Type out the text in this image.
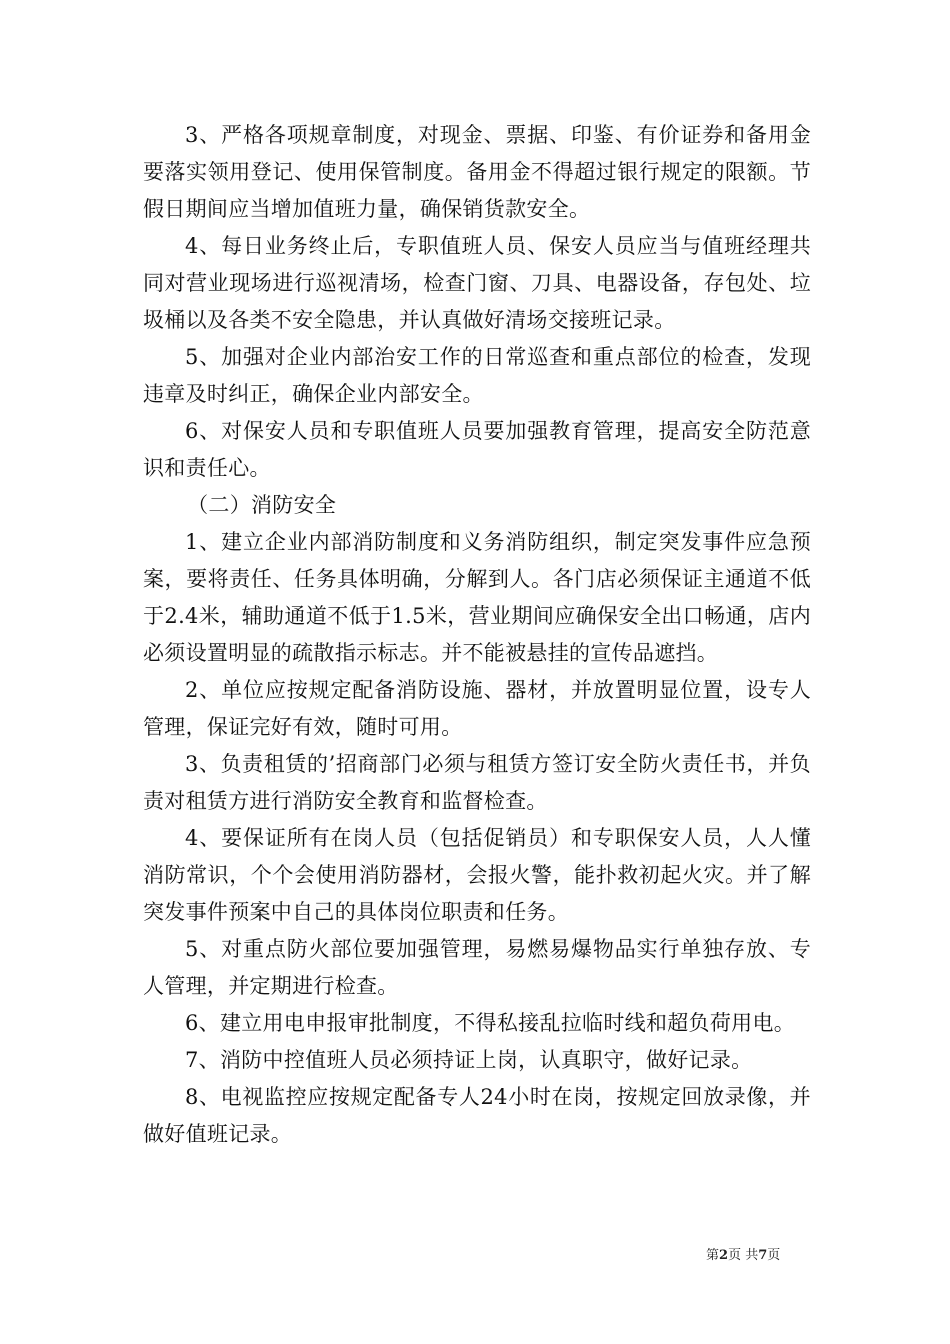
3、严格各项规章制度，对现金、票据、印鉴、有价证券和备用金要落实领用登记、使用保管制度。备用金不得超过银行规定的限额。节假日期间应当增加值班力量，确保销货款安全。

4、每日业务终止后，专职值班人员、保安人员应当与值班经理共同对营业现场进行巡视清场，检查门窗、刀具、电器设备，存包处、垃圾桶以及各类不安全隐患，并认真做好清场交接班记录。

5、加强对企业内部治安工作的日常巡查和重点部位的检查，发现违章及时纠正，确保企业内部安全。

6、对保安人员和专职值班人员要加强教育管理，提高安全防范意识和责任心。

（二）消防安全

1、建立企业内部消防制度和义务消防组织，制定突发事件应急预案，要将责任、任务具体明确，分解到人。各门店必须保证主通道不低于2.4米，辅助通道不低于1.5米，营业期间应确保安全出口畅通，店内必须设置明显的疏散指示标志。并不能被悬挂的宣传品遮挡。

2、单位应按规定配备消防设施、器材，并放置明显位置，设专人管理，保证完好有效，随时可用。

3、负责租赁的’招商部门必须与租赁方签订安全防火责任书，并负责对租赁方进行消防安全教育和监督检查。

4、要保证所有在岗人员（包括促销员）和专职保安人员，人人懂消防常识，个个会使用消防器材，会报火警，能扑救初起火灾。并了解突发事件预案中自己的具体岗位职责和任务。

5、对重点防火部位要加强管理，易燃易爆物品实行单独存放、专人管理，并定期进行检查。

6、建立用电申报审批制度，不得私接乱拉临时线和超负荷用电。

7、消防中控值班人员必须持证上岗，认真职守，做好记录。

8、电视监控应按规定配备专人24小时在岗，按规定回放录像，并做好值班记录。

第2页 共7页
